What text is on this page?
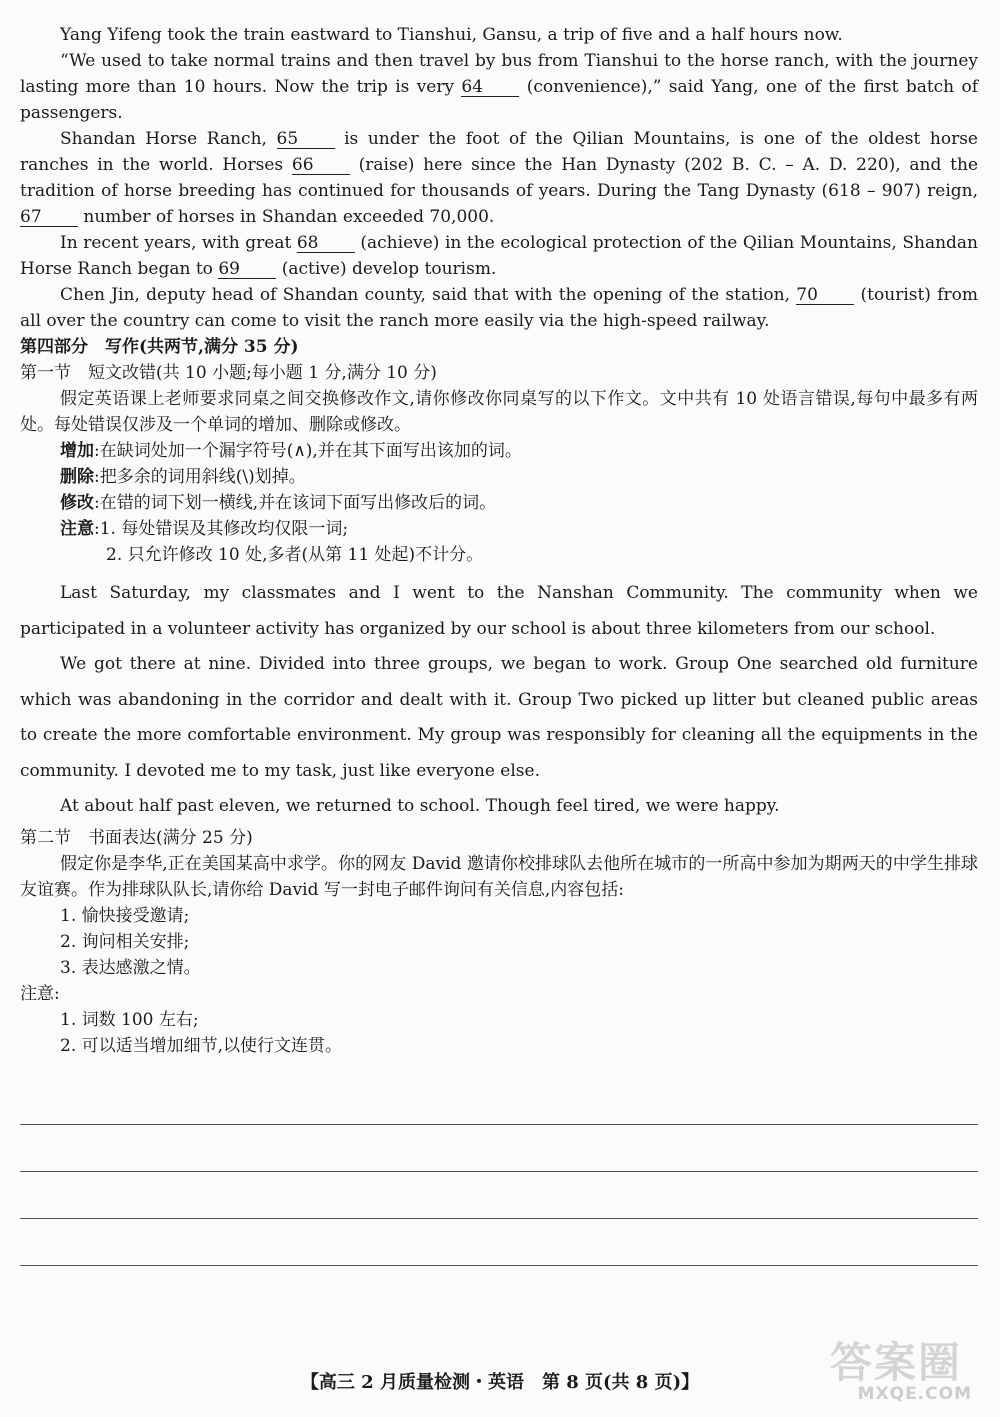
Yang Yifeng took the train eastward to Tianshui, Gansu, a trip of five and a half hours now.

“We used to take normal trains and then travel by bus from Tianshui to the horse ranch, with the journey lasting more than 10 hours. Now the trip is very 64 (convenience),” said Yang, one of the first batch of passengers.

Shandan Horse Ranch, 65 is under the foot of the Qilian Mountains, is one of the oldest horse ranches in the world. Horses 66 (raise) here since the Han Dynasty (202 B. C. – A. D. 220), and the tradition of horse breeding has continued for thousands of years. During the Tang Dynasty (618 – 907) reign, 67 number of horses in Shandan exceeded 70,000.

In recent years, with great 68 (achieve) in the ecological protection of the Qilian Mountains, Shandan Horse Ranch began to 69 (active) develop tourism.

Chen Jin, deputy head of Shandan county, said that with the opening of the station, 70 (tourist) from all over the country can come to visit the ranch more easily via the high-speed railway.

第四部分　写作(共两节,满分 35 分)
第一节　短文改错(共 10 小题;每小题 1 分,满分 10 分)

假定英语课上老师要求同桌之间交换修改作文,请你修改你同桌写的以下作文。文中共有 10 处语言错误,每句中最多有两处。每处错误仅涉及一个单词的增加、删除或修改。

增加:在缺词处加一个漏字符号(∧),并在其下面写出该加的词。

删除:把多余的词用斜线(\)划掉。

修改:在错的词下划一横线,并在该词下面写出修改后的词。

注意:1. 每处错误及其修改均仅限一词;

2. 只允许修改 10 处,多者(从第 11 处起)不计分。

Last Saturday, my classmates and I went to the Nanshan Community. The community when we participated in a volunteer activity has organized by our school is about three kilometers from our school.

We got there at nine. Divided into three groups, we began to work. Group One searched old furniture which was abandoning in the corridor and dealt with it. Group Two picked up litter but cleaned public areas to create the more comfortable environment. My group was responsibly for cleaning all the equipments in the community. I devoted me to my task, just like everyone else.

At about half past eleven, we returned to school. Though feel tired, we were happy.

第二节　书面表达(满分 25 分)

假定你是李华,正在美国某高中求学。你的网友 David 邀请你校排球队去他所在城市的一所高中参加为期两天的中学生排球友谊赛。作为排球队队长,请你给 David 写一封电子邮件询问有关信息,内容包括:

1. 愉快接受邀请;

2. 询问相关安排;

3. 表达感激之情。

注意:

1. 词数 100 左右;

2. 可以适当增加细节,以使行文连贯。

【高三 2 月质量检测・英语　第 8 页(共 8 页)】	答案圈
MXQE.COM
